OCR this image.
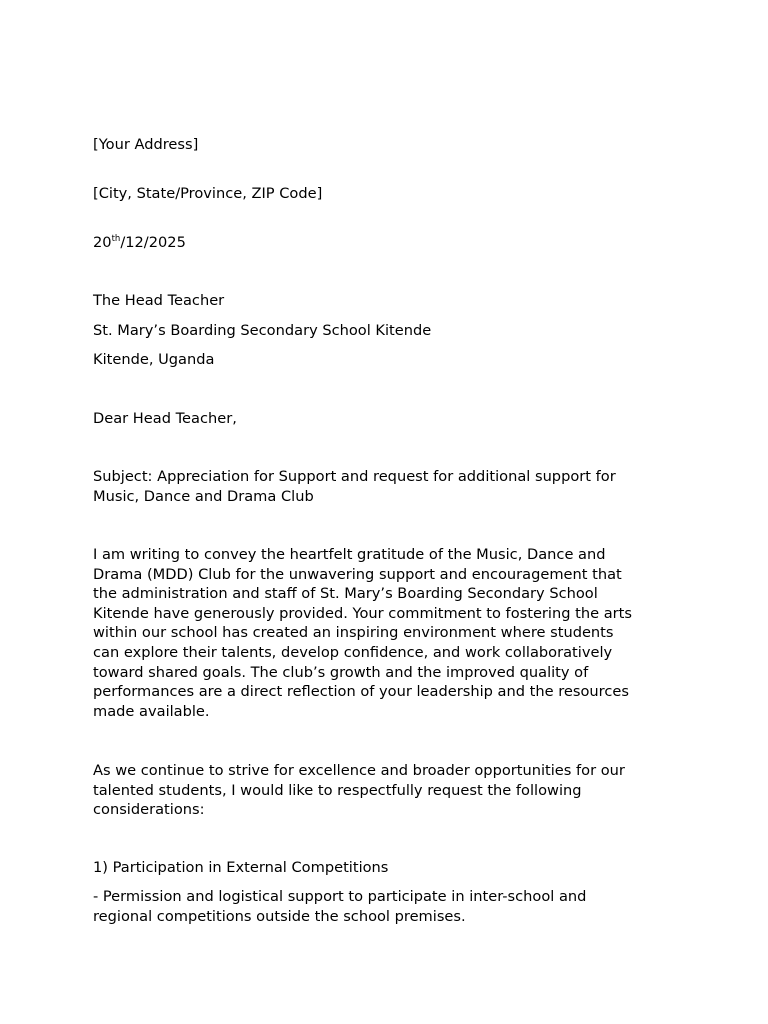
[Your Address]

[City, State/Province, ZIP Code]

20th/12/2025

The Head Teacher

St. Mary’s Boarding Secondary School Kitende

Kitende, Uganda

Dear Head Teacher,

Subject: Appreciation for Support and request for additional support for
Music, Dance and Drama Club
I am writing to convey the heartfelt gratitude of the Music, Dance and
Drama (MDD) Club for the unwavering support and encouragement that
the administration and staff of St. Mary’s Boarding Secondary School
Kitende have generously provided. Your commitment to fostering the arts
within our school has created an inspiring environment where students
can explore their talents, develop confidence, and work collaboratively
toward shared goals. The club’s growth and the improved quality of
performances are a direct reflection of your leadership and the resources
made available.
As we continue to strive for excellence and broader opportunities for our
talented students, I would like to respectfully request the following
considerations:

1) Participation in External Competitions

- Permission and logistical support to participate in inter-school and
regional competitions outside the school premises.
